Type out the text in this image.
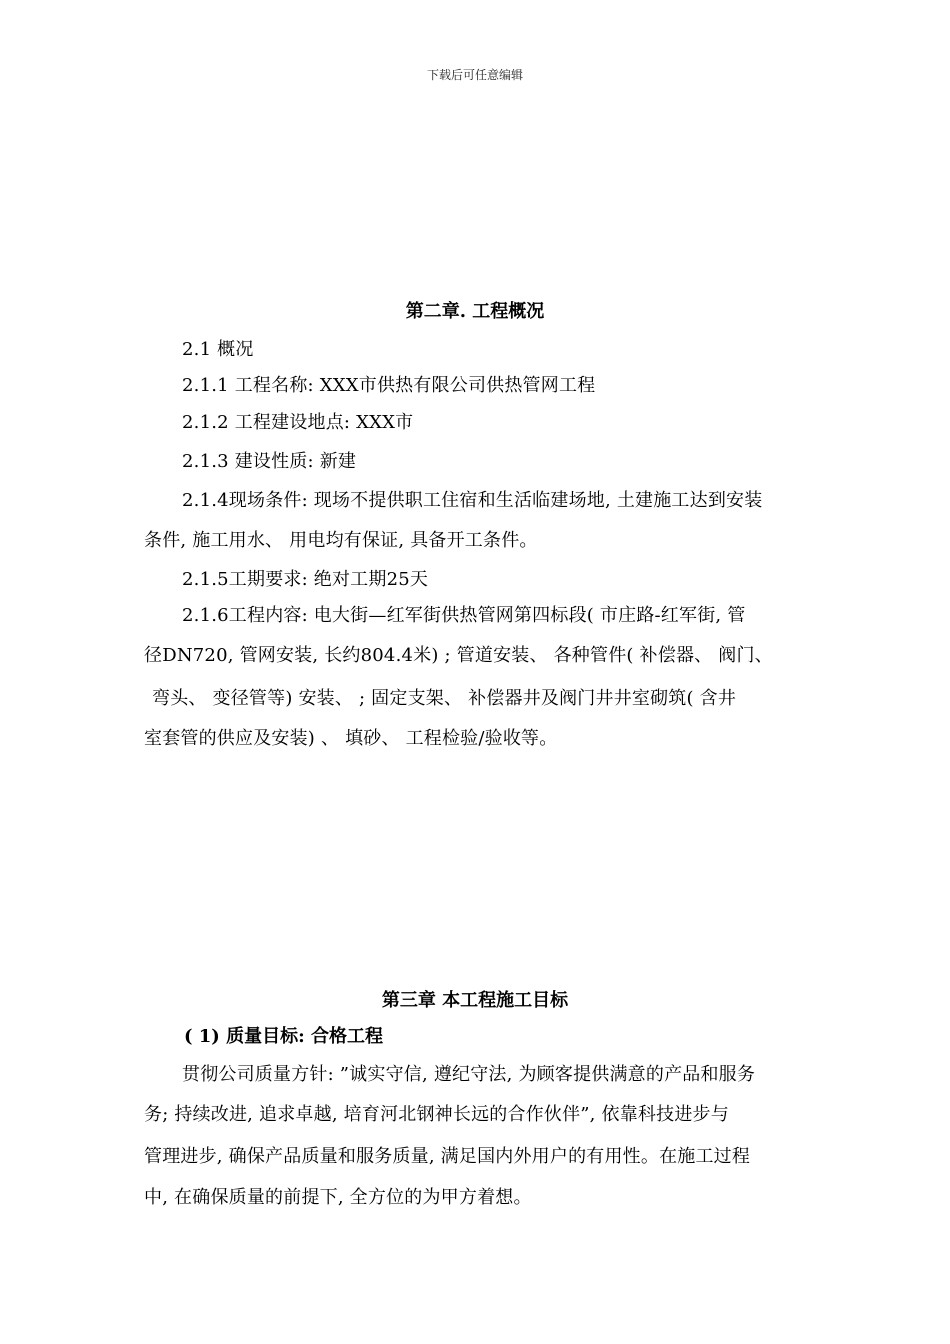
下载后可任意编辑

第二章. 工程概况

2.1 概况

2.1.1 工程名称: XXX市供热有限公司供热管网工程

2.1.2 工程建设地点: XXX市

2.1.3 建设性质: 新建

2.1.4现场条件: 现场不提供职工住宿和生活临建场地, 土建施工达到安装

条件, 施工用水、 用电均有保证, 具备开工条件。

2.1.5工期要求: 绝对工期25天

2.1.6工程内容: 电大街—红军街供热管网第四标段( 市庄路-红军街, 管

径DN720, 管网安装, 长约804.4米) ; 管道安装、 各种管件( 补偿器、 阀门、

弯头、 变径管等) 安装、 ; 固定支架、 补偿器井及阀门井井室砌筑( 含井

室套管的供应及安装) 、 填砂、 工程检验/验收等。

第三章 本工程施工目标

( 1) 质量目标: 合格工程

贯彻公司质量方针: ”诚实守信, 遵纪守法, 为顾客提供满意的产品和服务

务; 持续改进, 追求卓越, 培育河北钢神长远的合作伙伴”, 依靠科技进步与

管理进步, 确保产品质量和服务质量, 满足国内外用户的有用性。在施工过程

中, 在确保质量的前提下, 全方位的为甲方着想。
